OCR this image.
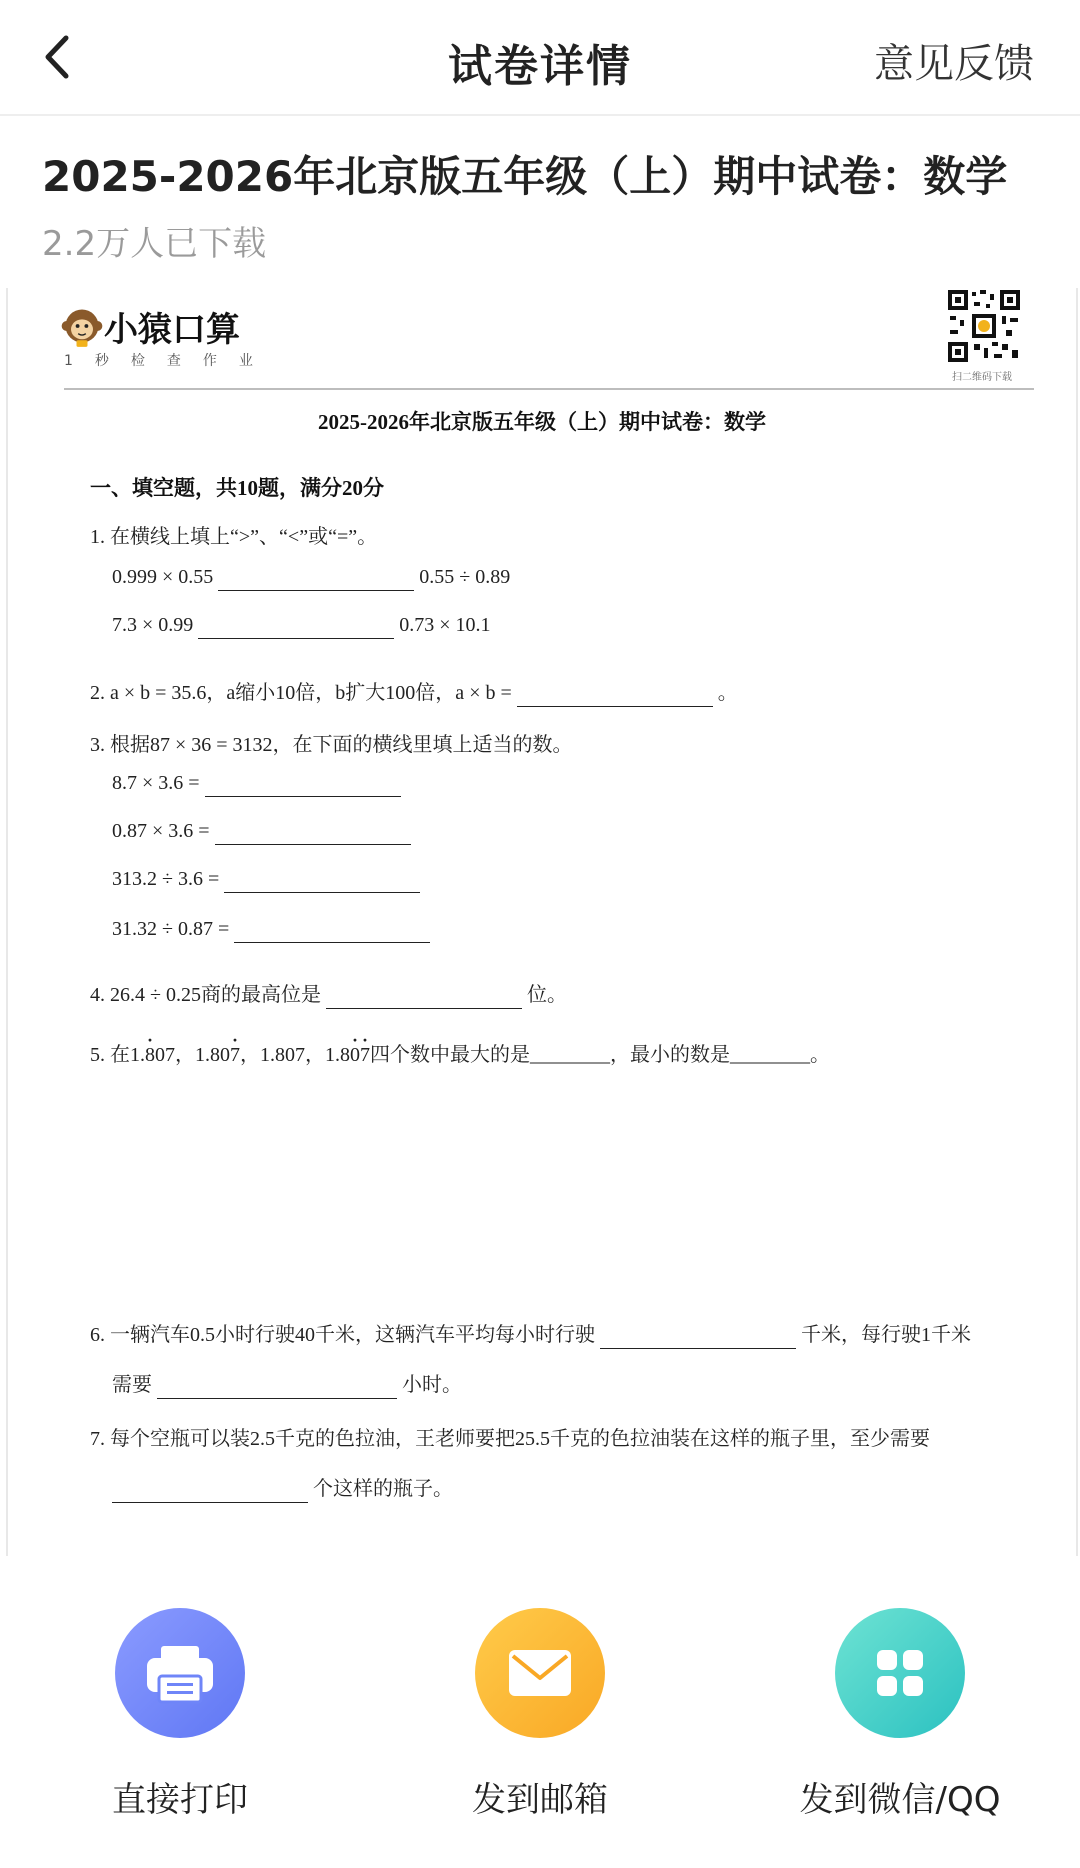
试卷详情	意见反馈
2025-2026年北京版五年级（上）期中试卷：数学
2.2万人已下载
小猿口算
1秒检查作业
扫二维码下载
2025-2026年北京版五年级（上）期中试卷：数学
一、填空题，共10题，满分20分
1. 在横线上填上“>”、“<”或“=”。
0.999 × 0.55	0.55 ÷ 0.89
7.3 × 0.99	0.73 × 10.1
2. a × b = 35.6，a缩小10倍，b扩大100倍，a × b =	。
3. 根据87 × 36 = 3132，在下面的横线里填上适当的数。
8.7 × 3.6 =
0.87 × 3.6 =
313.2 ÷ 3.6 =
31.32 ÷ 0.87 =
4. 26.4 ÷ 0.25商的最高位是	位。
5. 在1.· 807，1.80· 7，1.807，1.8· 0· 7四个数中最大的是________，最小的数是________。
6. 一辆汽车0.5小时行驶40千米，这辆汽车平均每小时行驶	千米，每行驶1千米
需要	小时。
7. 每个空瓶可以装2.5千克的色拉油，王老师要把25.5千克的色拉油装在这样的瓶子里，至少需要
个这样的瓶子。
直接打印	发到邮箱	发到微信/QQ
